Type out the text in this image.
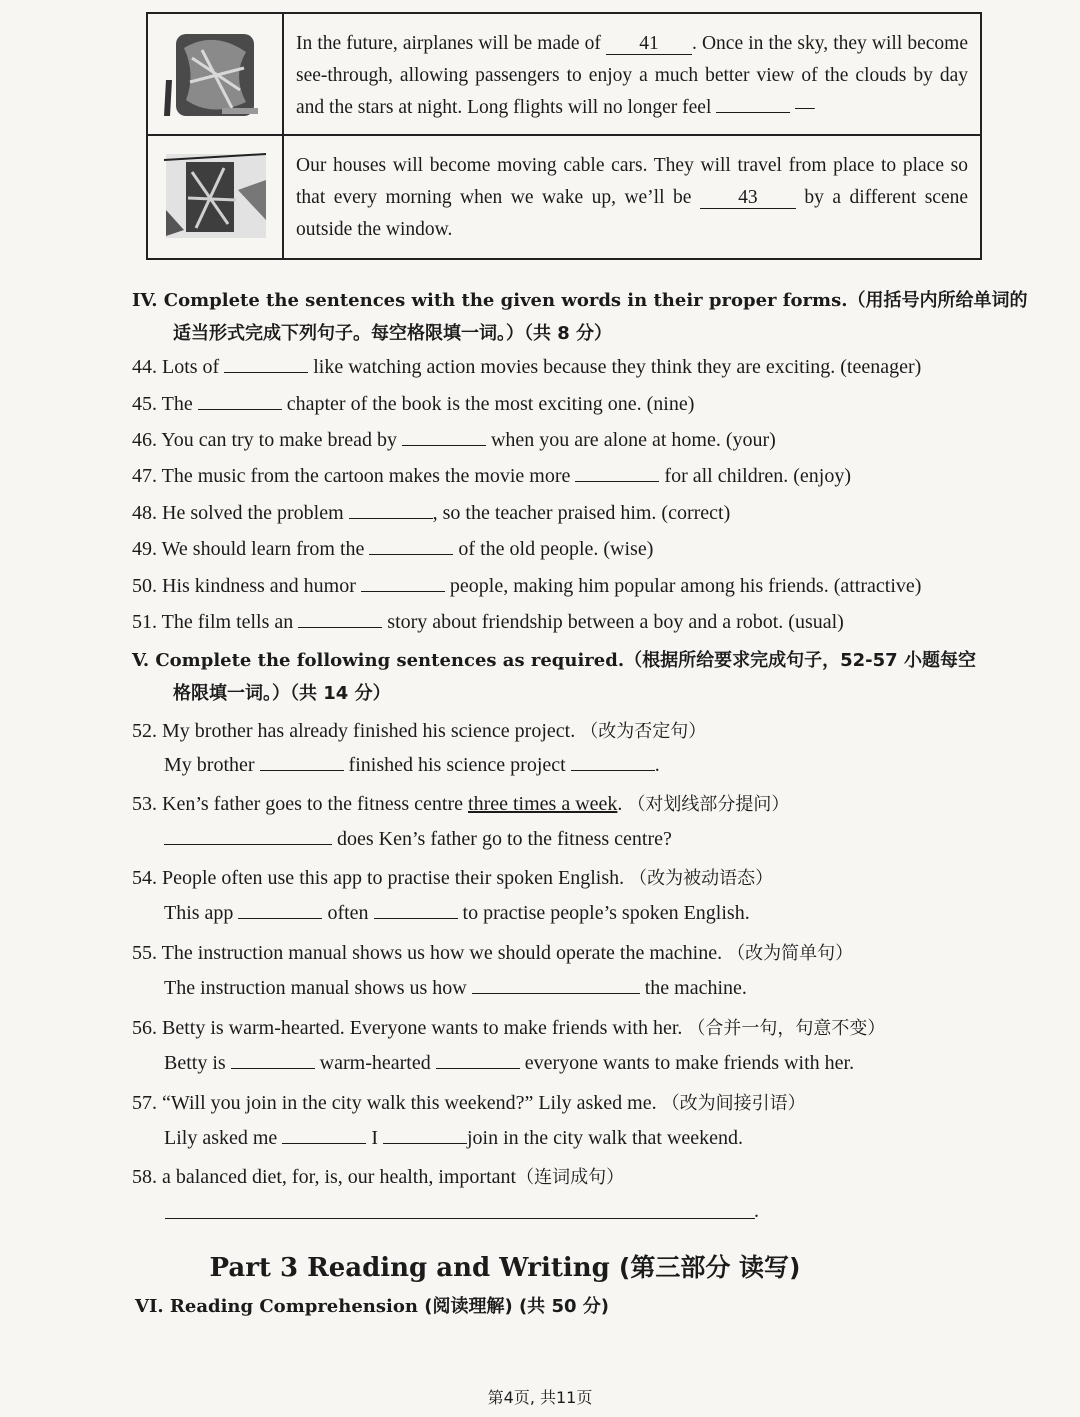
In the future, airplanes will be made of 41 . Once in the sky, they will become see-through, allowing passengers to enjoy a much better view of the clouds by day and the stars at night. Long flights will no longer feel	—
Our houses will become moving cable cars. They will travel from place to place so that every morning when we wake up, we’ll be 43 by a different scene outside the window.
IV. Complete the sentences with the given words in their proper forms.（用括号内所给单词的
适当形式完成下列句子。每空格限填一词。）（共 8 分）
44. Lots of	like watching action movies because they think they are exciting. (teenager)
45. The	chapter of the book is the most exciting one. (nine)
46. You can try to make bread by	when you are alone at home. (your)
47. The music from the cartoon makes the movie more	for all children. (enjoy)
48. He solved the problem	, so the teacher praised him. (correct)
49. We should learn from the	of the old people. (wise)
50. His kindness and humor	people, making him popular among his friends. (attractive)
51. The film tells an	story about friendship between a boy and a robot. (usual)
V. Complete the following sentences as required.（根据所给要求完成句子，52-57 小题每空
格限填一词。）（共 14 分）
52. My brother has already finished his science project. （改为否定句）
My brother	finished his science project	.
53. Ken’s father goes to the fitness centre three times a week. （对划线部分提问）
does Ken’s father go to the fitness centre?
54. People often use this app to practise their spoken English. （改为被动语态）
This app	often	to practise people’s spoken English.
55. The instruction manual shows us how we should operate the machine. （改为简单句）
The instruction manual shows us how	the machine.
56. Betty is warm-hearted. Everyone wants to make friends with her. （合并一句，句意不变）
Betty is	warm-hearted	everyone wants to make friends with her.
57. “Will you join in the city walk this weekend?” Lily asked me. （改为间接引语）
Lily asked me	I	join in the city walk that weekend.
58. a balanced diet, for, is, our health, important（连词成句）
.
Part 3 Reading and Writing (第三部分 读写)
VI. Reading Comprehension (阅读理解) (共 50 分)
第4页, 共11页
